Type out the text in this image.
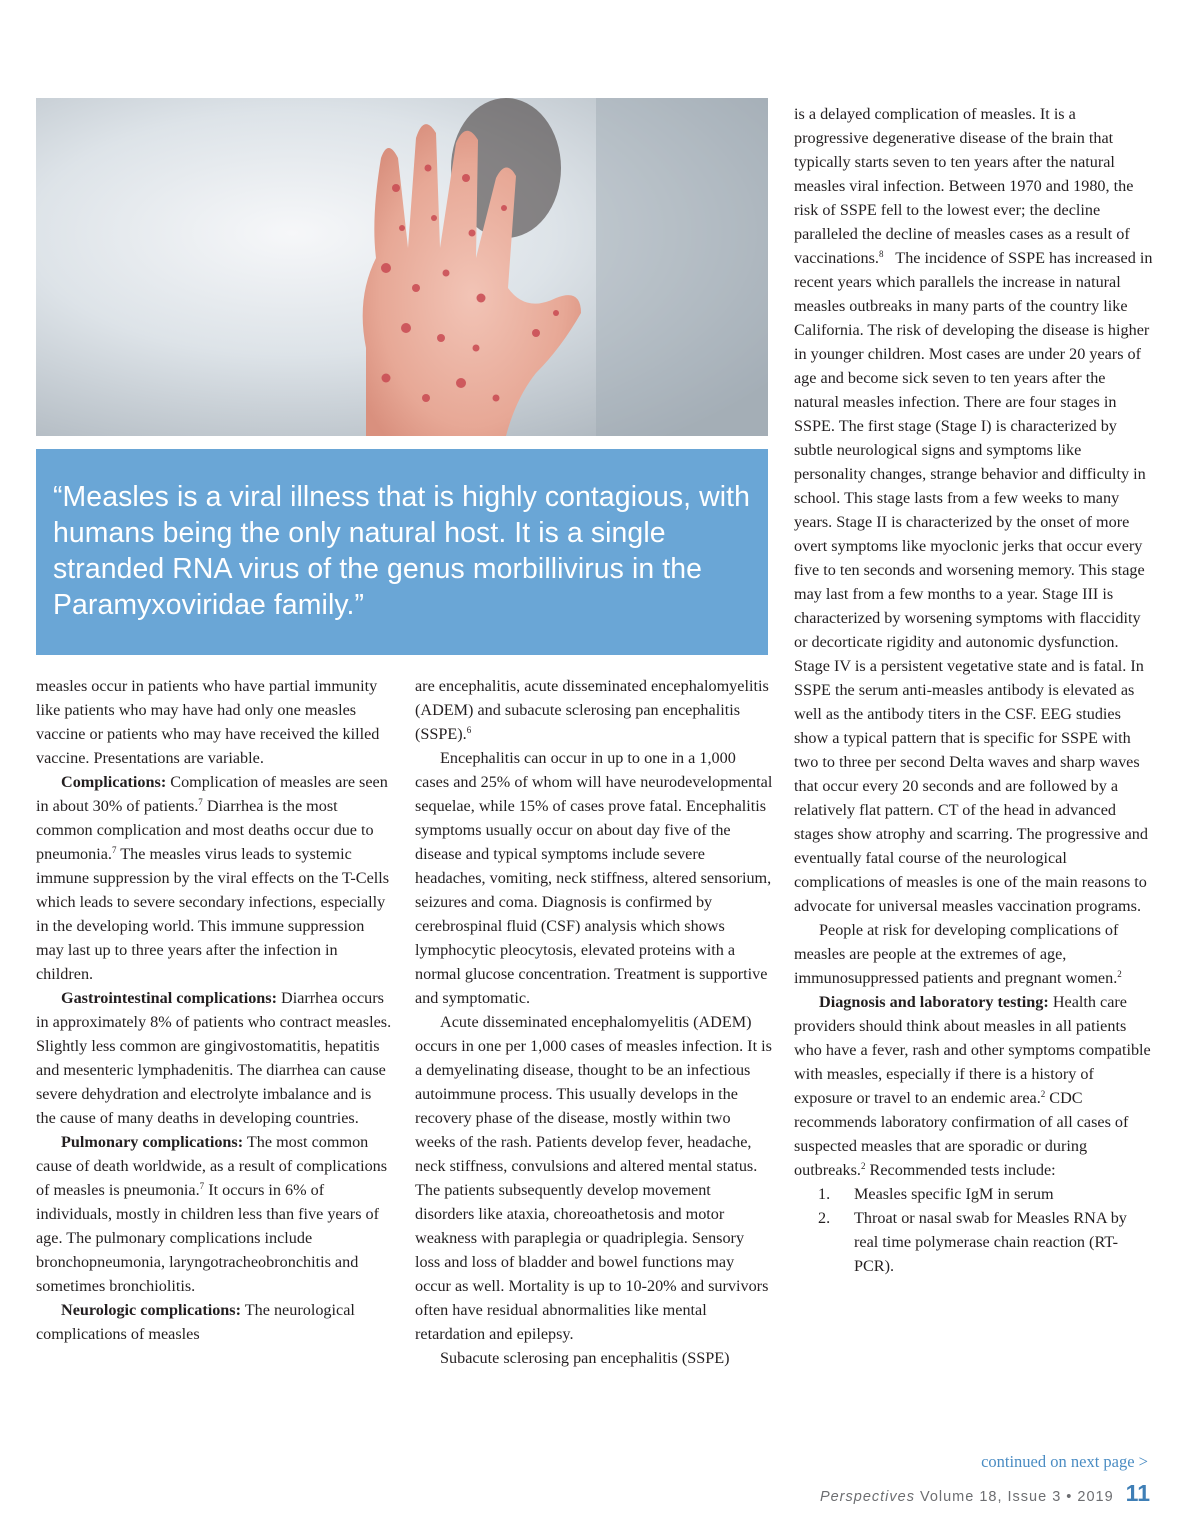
“Measles is a viral illness that is highly contagious, with humans being the only natural host. It is a single stranded RNA virus of the genus morbillivirus in the Paramyxoviridae family.”

measles occur in patients who have partial immunity like patients who may have had only one measles vaccine or patients who may have received the killed vaccine. Presentations are variable.

Complications: Complication of measles are seen in about 30% of patients.$^7$ Diarrhea is the most common complication and most deaths occur due to pneumonia.$^7$ The measles virus leads to systemic immune suppression by the viral effects on the T-Cells which leads to severe secondary infections, especially in the developing world. This immune suppression may last up to three years after the infection in children.

Gastrointestinal complications: Diarrhea occurs in approximately 8% of patients who contract measles. Slightly less common are gingivostomatitis, hepatitis and mesenteric lymphadenitis. The diarrhea can cause severe dehydration and electrolyte imbalance and is the cause of many deaths in developing countries.

Pulmonary complications: The most common cause of death worldwide, as a result of complications of measles is pneumonia.$^7$ It occurs in 6% of individuals, mostly in children less than five years of age. The pulmonary complications include bronchopneumonia, laryngotracheobronchitis and sometimes bronchiolitis.

Neurologic complications: The neurological complications of measles

are encephalitis, acute disseminated encephalomyelitis (ADEM) and subacute sclerosing pan encephalitis (SSPE).$^6$

Encephalitis can occur in up to one in a 1,000 cases and 25% of whom will have neurodevelopmental sequelae, while 15% of cases prove fatal. Encephalitis symptoms usually occur on about day five of the disease and typical symptoms include severe headaches, vomiting, neck stiffness, altered sensorium, seizures and coma. Diagnosis is confirmed by cerebrospinal fluid (CSF) analysis which shows lymphocytic pleocytosis, elevated proteins with a normal glucose concentration. Treatment is supportive and symptomatic.

Acute disseminated encephalomyelitis (ADEM) occurs in one per 1,000 cases of measles infection. It is a demyelinating disease, thought to be an infectious autoimmune process. This usually develops in the recovery phase of the disease, mostly within two weeks of the rash. Patients develop fever, headache, neck stiffness, convulsions and altered mental status. The patients subsequently develop movement disorders like ataxia, choreoathetosis and motor weakness with paraplegia or quadriplegia. Sensory loss and loss of bladder and bowel functions may occur as well. Mortality is up to 10-20% and survivors often have residual abnormalities like mental retardation and epilepsy.

Subacute sclerosing pan encephalitis (SSPE)

is a delayed complication of measles. It is a progressive degenerative disease of the brain that typically starts seven to ten years after the natural measles viral infection. Between 1970 and 1980, the risk of SSPE fell to the lowest ever; the decline paralleled the decline of measles cases as a result of vaccinations.$^8$   The incidence of SSPE has increased in recent years which parallels the increase in natural measles outbreaks in many parts of the country like California. The risk of developing the disease is higher in younger children. Most cases are under 20 years of age and become sick seven to ten years after the natural measles infection. There are four stages in SSPE. The first stage (Stage I) is characterized by subtle neurological signs and symptoms like personality changes, strange behavior and difficulty in school. This stage lasts from a few weeks to many years. Stage II is characterized by the onset of more overt symptoms like myoclonic jerks that occur every five to ten seconds and worsening memory. This stage may last from a few months to a year. Stage III is characterized by worsening symptoms with flaccidity or decorticate rigidity and autonomic dysfunction. Stage IV is a persistent vegetative state and is fatal. In SSPE the serum anti-measles antibody is elevated as well as the antibody titers in the CSF. EEG studies show a typical pattern that is specific for SSPE with two to three per second Delta waves and sharp waves that occur every 20 seconds and are followed by a relatively flat pattern. CT of the head in advanced stages show atrophy and scarring. The progressive and eventually fatal course of the neurological complications of measles is one of the main reasons to advocate for universal measles vaccination programs.

People at risk for developing complications of measles are people at the extremes of age, immunosuppressed patients and pregnant women.$^2$

Diagnosis and laboratory testing: Health care providers should think about measles in all patients who have a fever, rash and other symptoms compatible with measles, especially if there is a history of exposure or travel to an endemic area.$^2$ CDC recommends laboratory confirmation of all cases of suspected measles that are sporadic or during outbreaks.$^2$ Recommended tests include:

1. Measles specific IgM in serum
2. Throat or nasal swab for Measles RNA by real time polymerase chain reaction (RT-PCR).
continued on next page >
Perspectives Volume 18, Issue 3 • 2019 11
